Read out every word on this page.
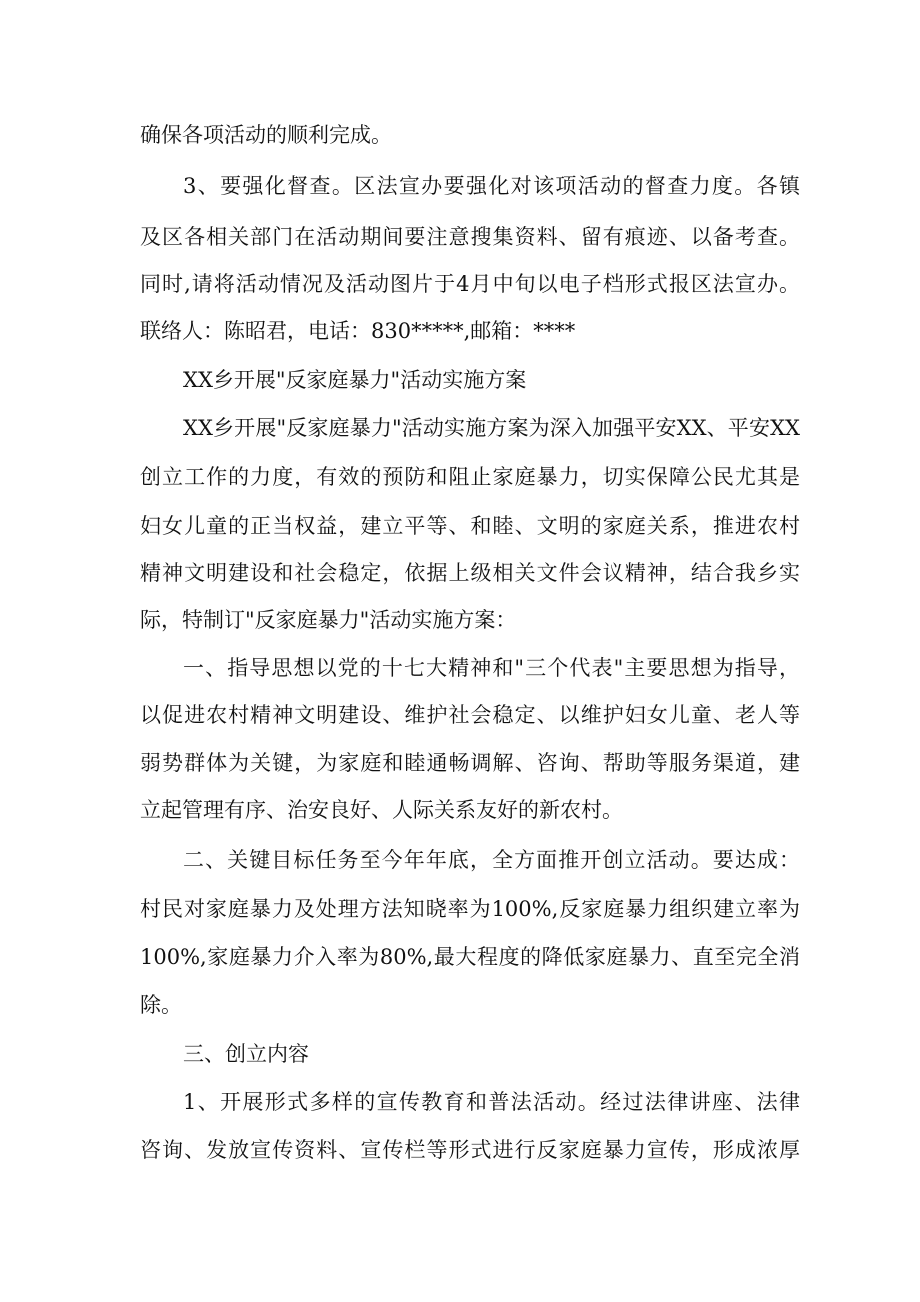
确保各项活动的顺利完成。
3、要强化督查。区法宣办要强化对该项活动的督查力度。各镇
及区各相关部门在活动期间要注意搜集资料、留有痕迹、以备考查。
同时,请将活动情况及活动图片于4月中旬以电子档形式报区法宣办。
联络人：陈昭君，电话：830*****,邮箱：****
XX乡开展"反家庭暴力"活动实施方案
XX乡开展"反家庭暴力"活动实施方案为深入加强平安XX、平安XX
创立工作的力度，有效的预防和阻止家庭暴力，切实保障公民尤其是
妇女儿童的正当权益，建立平等、和睦、文明的家庭关系，推进农村
精神文明建设和社会稳定，依据上级相关文件会议精神，结合我乡实
际，特制订"反家庭暴力"活动实施方案：
一、指导思想以党的十七大精神和"三个代表"主要思想为指导，
以促进农村精神文明建设、维护社会稳定、以维护妇女儿童、老人等
弱势群体为关键，为家庭和睦通畅调解、咨询、帮助等服务渠道，建
立起管理有序、治安良好、人际关系友好的新农村。
二、关键目标任务至今年年底，全方面推开创立活动。要达成：
村民对家庭暴力及处理方法知晓率为100%,反家庭暴力组织建立率为
100%,家庭暴力介入率为80%,最大程度的降低家庭暴力、直至完全消
除。
三、创立内容
1、开展形式多样的宣传教育和普法活动。经过法律讲座、法律
咨询、发放宣传资料、宣传栏等形式进行反家庭暴力宣传，形成浓厚
